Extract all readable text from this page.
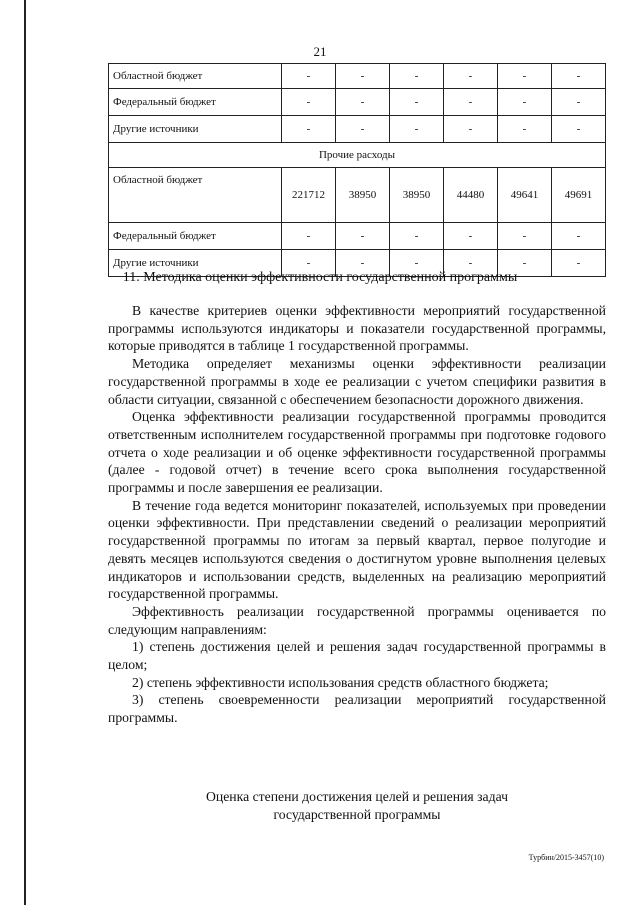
21
Областной бюджет	-	-	-	-	-	-
Федеральный бюджет	-	-	-	-	-	-
Другие источники	-	-	-	-	-	-
Прочие расходы						
Областной бюджет	221712	38950	38950	44480	49641	49691
Федеральный бюджет	-	-	-	-	-	-
Другие источники	-	-	-	-	-	-
11. Методика оценки эффективности государственной программы

В качестве критериев оценки эффективности мероприятий государственной программы используются индикаторы и показатели государственной программы, которые приводятся в таблице 1 государственной программы.

Методика определяет механизмы оценки эффективности реализации государственной программы в ходе ее реализации с учетом специфики развития в области ситуации, связанной с обеспечением безопасности дорожного движения.

Оценка эффективности реализации государственной программы проводится ответственным исполнителем государственной программы при подготовке годового отчета о ходе реализации и об оценке эффективности государственной программы (далее - годовой отчет) в течение всего срока выполнения государственной программы и после завершения ее реализации.

В течение года ведется мониторинг показателей, используемых при проведении оценки эффективности. При представлении сведений о реализации мероприятий государственной программы по итогам за первый квартал, первое полугодие и девять месяцев используются сведения о достигнутом уровне выполнения целевых индикаторов и использовании средств, выделенных на реализацию мероприятий государственной программы.

Эффективность реализации государственной программы оценивается по следующим направлениям:

1) степень достижения целей и решения задач государственной программы в целом;

2) степень эффективности использования средств областного бюджета;

3) степень своевременности реализации мероприятий государственной программы.

Оценка степени достижения целей и решения задач
государственной программы
Турбин/2015-3457(10)
